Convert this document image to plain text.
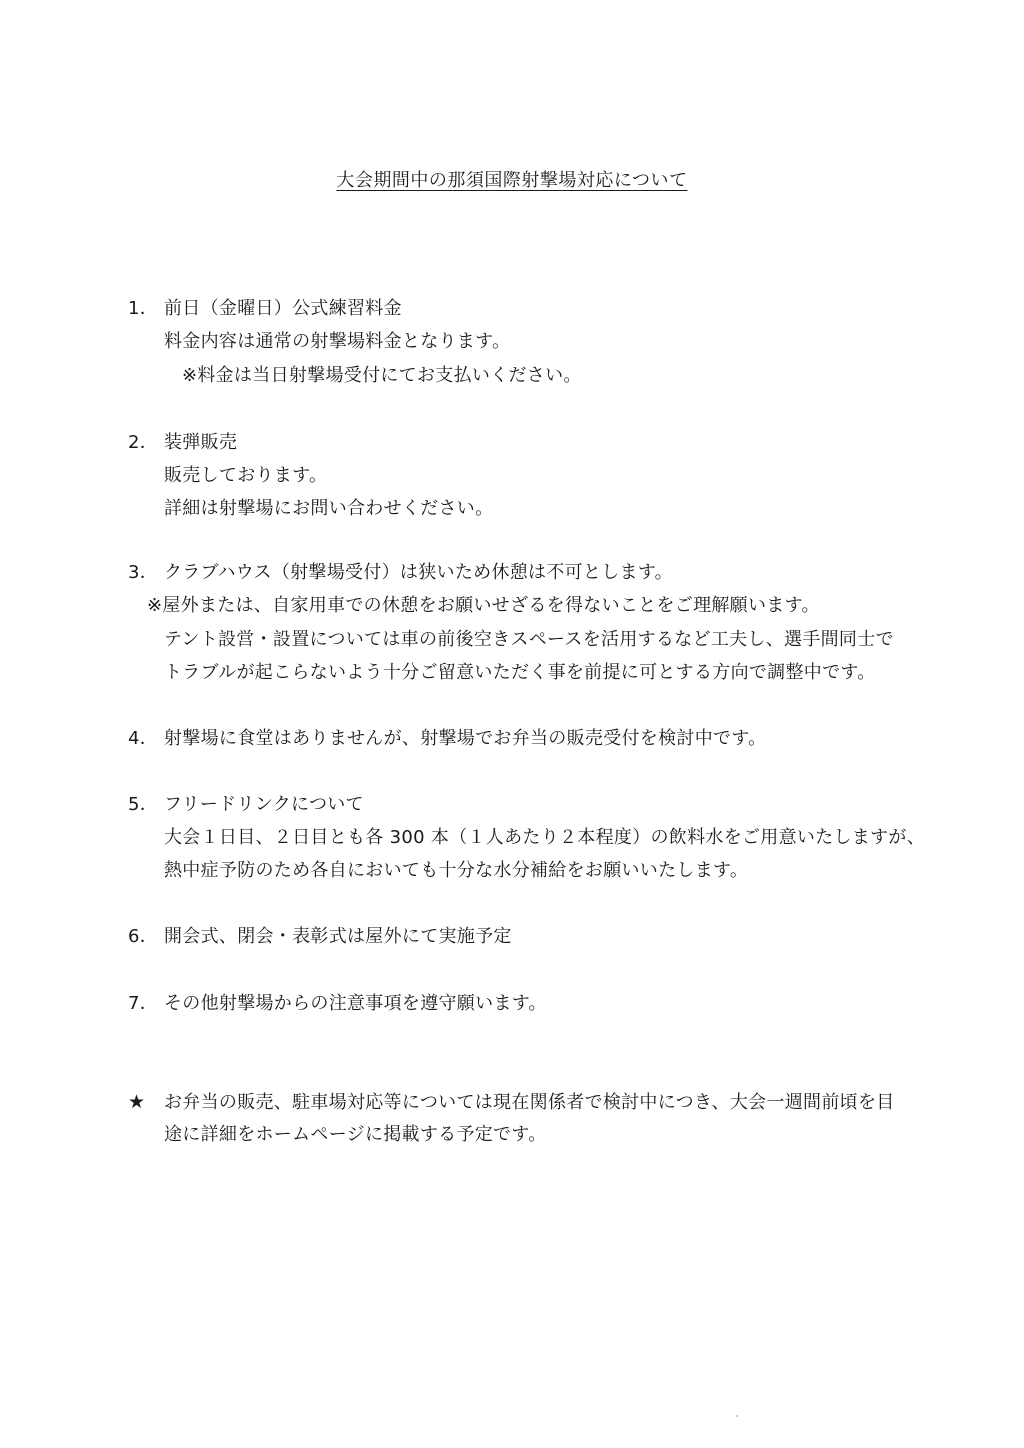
大会期間中の那須国際射撃場対応について
1． 前日（金曜日）公式練習料金
料金内容は通常の射撃場料金となります。
※料金は当日射撃場受付にてお支払いください。
2． 装弾販売
販売しております。
詳細は射撃場にお問い合わせください。
3． クラブハウス（射撃場受付）は狭いため休憩は不可とします。
※屋外または、自家用車での休憩をお願いせざるを得ないことをご理解願います。
テント設営・設置については車の前後空きスペースを活用するなど工夫し、選手間同士で
トラブルが起こらないよう十分ご留意いただく事を前提に可とする方向で調整中です。
4． 射撃場に食堂はありませんが、射撃場でお弁当の販売受付を検討中です。
5． フリードリンクについて
大会１日目、２日目とも各 300 本（１人あたり２本程度）の飲料水をご用意いたしますが、
熱中症予防のため各自においても十分な水分補給をお願いいたします。
6． 開会式、閉会・表彰式は屋外にて実施予定
7． その他射撃場からの注意事項を遵守願います。
★ お弁当の販売、駐車場対応等については現在関係者で検討中につき、大会一週間前頃を目
途に詳細をホームページに掲載する予定です。
